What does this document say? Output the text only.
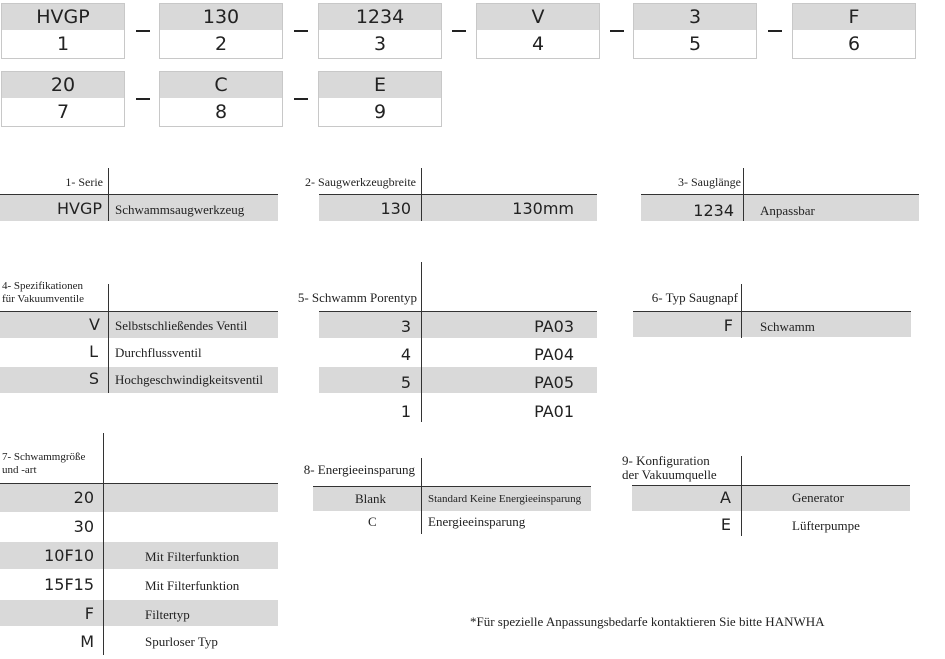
HVGP
1
130
2
1234
3
V
4
3
5
F
6
20
7
C
8
E
9
1- Serie
HVGP Schwammsaugwerkzeug
2- Saugwerkzeugbreite
130	130mm
3- Sauglänge
1234 Anpassbar
4- Spezifikationen
für Vakuumventile
V Selbstschließendes Ventil
L Durchflussventil
S Hochgeschwindigkeitsventil
5- Schwamm Porentyp
3	PA03
4	PA04
5	PA05
1	PA01
6- Typ Saugnapf
F Schwamm
7- Schwammgröße
und -art
20
30
10F10	Mit Filterfunktion
15F15	Mit Filterfunktion
F	Filtertyp
M	Spurloser Typ
8- Energieeinsparung
Blank	Standard Keine Energieeinsparung
C	Energieeinsparung
9- Konfiguration
der Vakuumquelle
A	Generator
E	Lüfterpumpe
*Für spezielle Anpassungsbedarfe kontaktieren Sie bitte HANWHA
